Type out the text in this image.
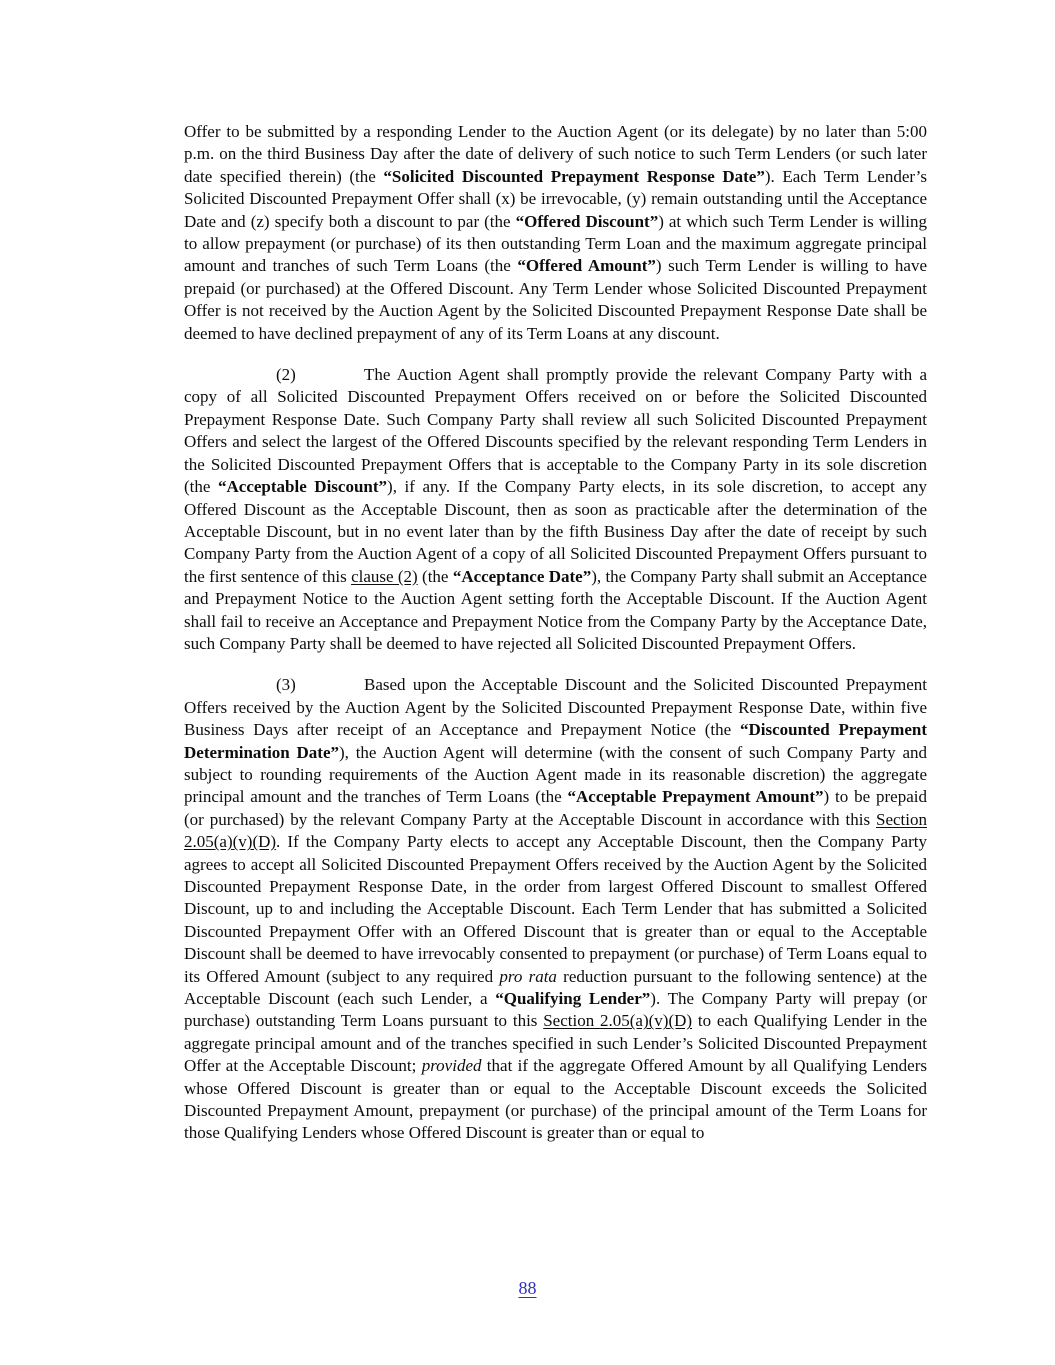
Offer to be submitted by a responding Lender to the Auction Agent (or its delegate) by no later than 5:00 p.m. on the third Business Day after the date of delivery of such notice to such Term Lenders (or such later date specified therein) (the “Solicited Discounted Prepayment Response Date”). Each Term Lender’s Solicited Discounted Prepayment Offer shall (x) be irrevocable, (y) remain outstanding until the Acceptance Date and (z) specify both a discount to par (the “Offered Discount”) at which such Term Lender is willing to allow prepayment (or purchase) of its then outstanding Term Loan and the maximum aggregate principal amount and tranches of such Term Loans (the “Offered Amount”) such Term Lender is willing to have prepaid (or purchased) at the Offered Discount. Any Term Lender whose Solicited Discounted Prepayment Offer is not received by the Auction Agent by the Solicited Discounted Prepayment Response Date shall be deemed to have declined prepayment of any of its Term Loans at any discount.

(2)	The Auction Agent shall promptly provide the relevant Company Party with a copy of all Solicited Discounted Prepayment Offers received on or before the Solicited Discounted Prepayment Response Date. Such Company Party shall review all such Solicited Discounted Prepayment Offers and select the largest of the Offered Discounts specified by the relevant responding Term Lenders in the Solicited Discounted Prepayment Offers that is acceptable to the Company Party in its sole discretion (the “Acceptable Discount”), if any. If the Company Party elects, in its sole discretion, to accept any Offered Discount as the Acceptable Discount, then as soon as practicable after the determination of the Acceptable Discount, but in no event later than by the fifth Business Day after the date of receipt by such Company Party from the Auction Agent of a copy of all Solicited Discounted Prepayment Offers pursuant to the first sentence of this clause (2) (the “Acceptance Date”), the Company Party shall submit an Acceptance and Prepayment Notice to the Auction Agent setting forth the Acceptable Discount. If the Auction Agent shall fail to receive an Acceptance and Prepayment Notice from the Company Party by the Acceptance Date, such Company Party shall be deemed to have rejected all Solicited Discounted Prepayment Offers.

(3)	Based upon the Acceptable Discount and the Solicited Discounted Prepayment Offers received by the Auction Agent by the Solicited Discounted Prepayment Response Date, within five Business Days after receipt of an Acceptance and Prepayment Notice (the “Discounted Prepayment Determination Date”), the Auction Agent will determine (with the consent of such Company Party and subject to rounding requirements of the Auction Agent made in its reasonable discretion) the aggregate principal amount and the tranches of Term Loans (the “Acceptable Prepayment Amount”) to be prepaid (or purchased) by the relevant Company Party at the Acceptable Discount in accordance with this Section 2.05(a)(v)(D). If the Company Party elects to accept any Acceptable Discount, then the Company Party agrees to accept all Solicited Discounted Prepayment Offers received by the Auction Agent by the Solicited Discounted Prepayment Response Date, in the order from largest Offered Discount to smallest Offered Discount, up to and including the Acceptable Discount. Each Term Lender that has submitted a Solicited Discounted Prepayment Offer with an Offered Discount that is greater than or equal to the Acceptable Discount shall be deemed to have irrevocably consented to prepayment (or purchase) of Term Loans equal to its Offered Amount (subject to any required pro rata reduction pursuant to the following sentence) at the Acceptable Discount (each such Lender, a “Qualifying Lender”). The Company Party will prepay (or purchase) outstanding Term Loans pursuant to this Section 2.05(a)(v)(D) to each Qualifying Lender in the aggregate principal amount and of the tranches specified in such Lender’s Solicited Discounted Prepayment Offer at the Acceptable Discount; provided that if the aggregate Offered Amount by all Qualifying Lenders whose Offered Discount is greater than or equal to the Acceptable Discount exceeds the Solicited Discounted Prepayment Amount, prepayment (or purchase) of the principal amount of the Term Loans for those Qualifying Lenders whose Offered Discount is greater than or equal to

88
